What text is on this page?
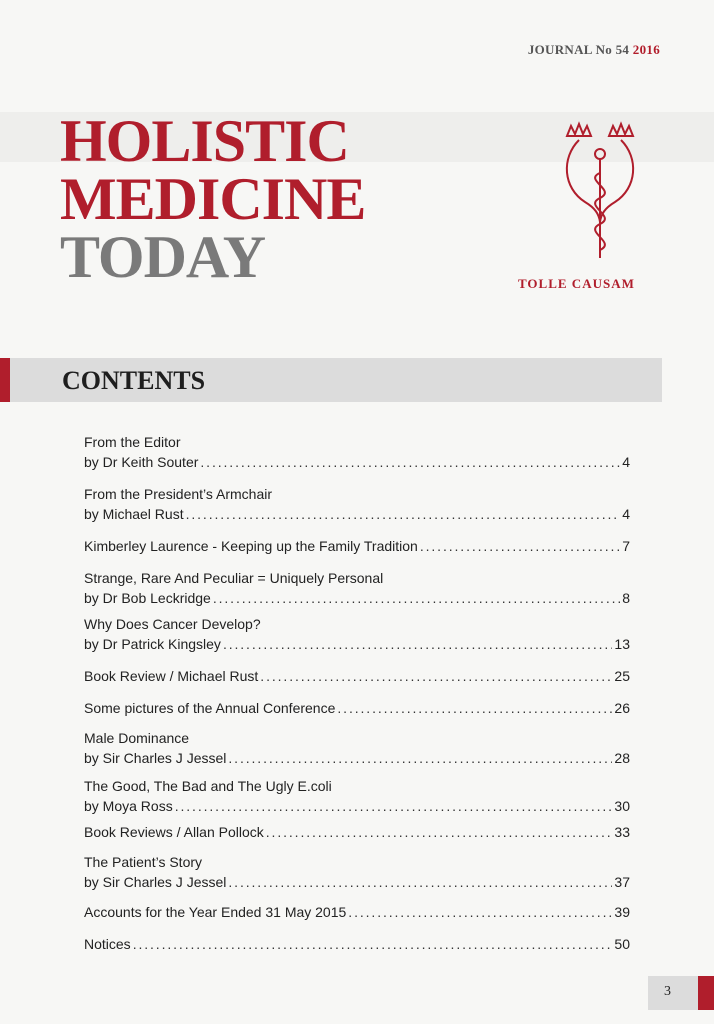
JOURNAL No 54 2016
HOLISTIC
MEDICINE
TODAY	TOLLE CAUSAM
CONTENTS
From the Editor
by Dr Keith Souter . . .	4
From the President’s Armchair
by Michael Rust . . .	4
Kimberley Laurence - Keeping up the Family Tradition . . .	7
Strange, Rare And Peculiar = Uniquely Personal
by Dr Bob Leckridge . . .	8
Why Does Cancer Develop?
by Dr Patrick Kingsley . . .	13
Book Review / Michael Rust . . .	25
Some pictures of the Annual Conference . . .	26
Male Dominance
by Sir Charles J Jessel . . .	28
The Good, The Bad and The Ugly E.coli
by Moya Ross . . .	30
Book Reviews / Allan Pollock . . .	33
The Patient’s Story
by Sir Charles J Jessel . . .	37
Accounts for the Year Ended 31 May 2015 . . .	39
Notices . . .	50
3
